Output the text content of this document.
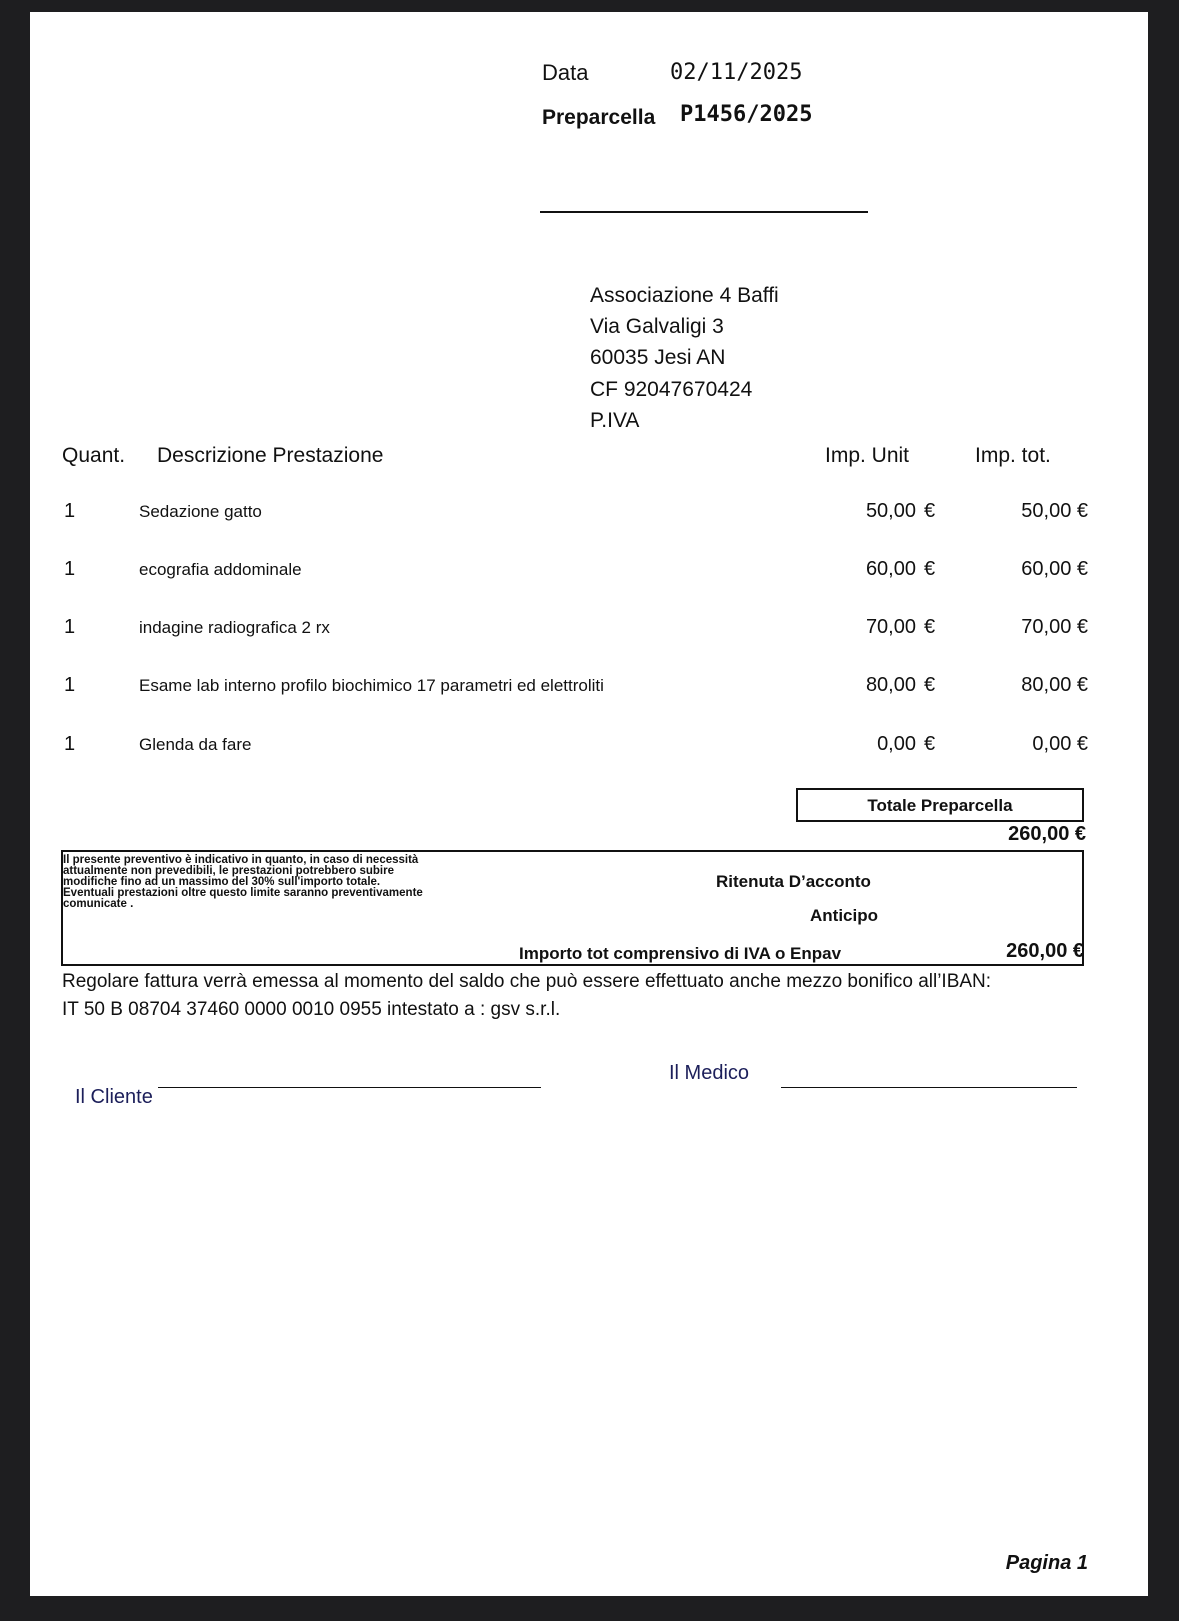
Data	02/11/2025
Preparcella P1456/2025
Associazione 4 Baffi
Via Galvaligi 3
60035 Jesi AN
CF 92047670424
P.IVA
Quant. Descrizione Prestazione	Imp. Unit	Imp. tot.
1	Sedazione gatto	50,00 €	50,00 €
1	ecografia addominale	60,00 €	60,00 €
1	indagine radiografica 2 rx	70,00 €	70,00 €
1	Esame lab interno profilo biochimico 17 parametri ed elettroliti	80,00 €	80,00 €
1	Glenda da fare	0,00 €	0,00 €
Totale Preparcella
260,00 €
Il presente preventivo è indicativo in quanto, in caso di necessità attualmente non prevedibili, le prestazioni potrebbero subire modifiche fino ad un massimo del 30% sull'importo totale. Eventuali prestazioni oltre questo limite saranno preventivamente comunicate .
Ritenuta D’acconto
Anticipo
Importo tot comprensivo di IVA o Enpav	260,00 €
Regolare fattura verrà emessa al momento del saldo che può essere effettuato anche mezzo bonifico all’IBAN:
IT 50 B 08704 37460 0000 0010 0955 intestato a : gsv s.r.l.
Il Medico
Il Cliente
Pagina 1
